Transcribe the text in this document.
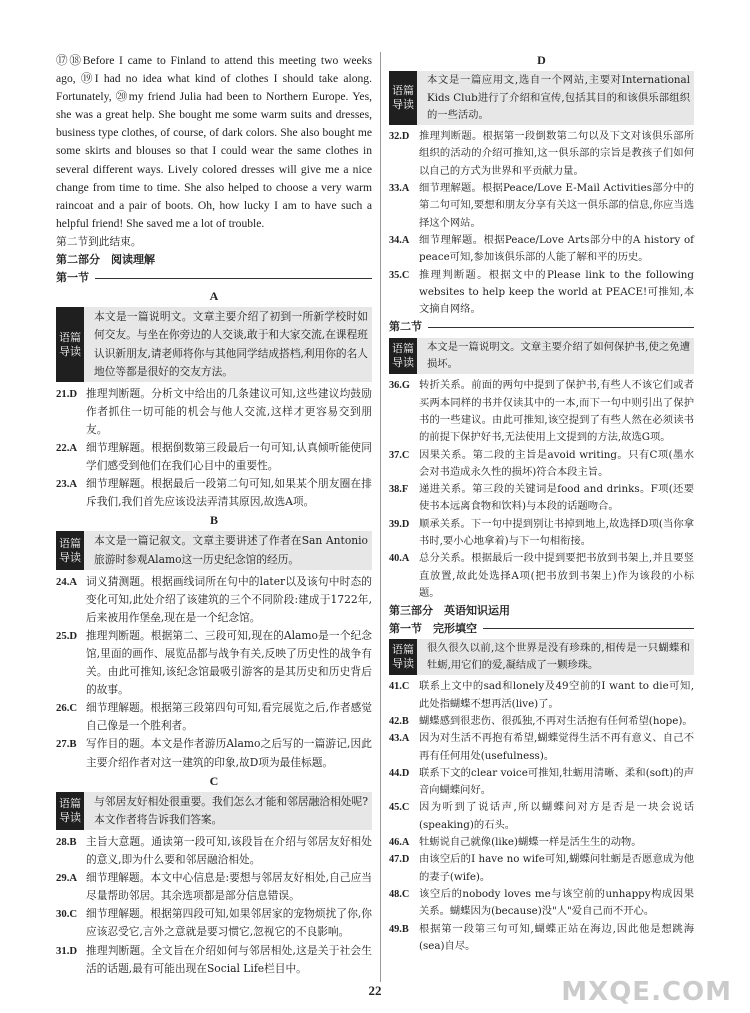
⑰⑱Before I came to Finland to attend this meeting two weeks ago, ⑲I had no idea what kind of clothes I should take along. Fortunately, ⑳my friend Julia had been to Northern Europe. Yes, she was a great help. She bought me some warm suits and dresses, business type clothes, of course, of dark colors. She also bought me some skirts and blouses so that I could wear the same clothes in several different ways. Lively colored dresses will give me a nice change from time to time. She also helped to choose a very warm raincoat and a pair of boots. Oh, how lucky I am to have such a helpful friend! She saved me a lot of trouble.

第二节到此结束。

第二部分　阅读理解

第一节

A

语篇
导读
本文是一篇说明文。文章主要介绍了初到一所新学校时如何交友。与坐在你旁边的人交谈,敢于和大家交流,在课程班认识新朋友,请老师将你与其他同学结成搭档,利用你的名人地位等都是很好的交友方法。
21.D 推理判断题。分析文中给出的几条建议可知,这些建议均鼓励作者抓住一切可能的机会与他人交流,这样才更容易交到朋友。
22.A 细节理解题。根据倒数第三段最后一句可知,认真倾听能使同学们感受到他们在我们心目中的重要性。
23.A 细节理解题。根据最后一段第二句可知,如果某个朋友圈在排斥我们,我们首先应该设法弄清其原因,故选A项。

B

语篇
导读
本文是一篇记叙文。文章主要讲述了作者在San Antonio旅游时参观Alamo这一历史纪念馆的经历。
24.A 词义猜测题。根据画线词所在句中的later以及该句中时态的变化可知,此处介绍了该建筑的三个不同阶段:建成于1722年,后来被用作堡垒,现在是一个纪念馆。
25.D 推理判断题。根据第二、三段可知,现在的Alamo是一个纪念馆,里面的画作、展览品都与战争有关,反映了历史性的战争有关。由此可推知,该纪念馆最吸引游客的是其历史和历史背后的故事。
26.C 细节理解题。根据第三段第四句可知,看完展览之后,作者感觉自己像是一个胜利者。
27.B 写作目的题。本文是作者游历Alamo之后写的一篇游记,因此主要介绍作者对这一建筑的印象,故D项为最佳标题。

C

语篇
导读
与邻居友好相处很重要。我们怎么才能和邻居融洽相处呢?本文作者将告诉我们答案。
28.B 主旨大意题。通读第一段可知,该段旨在介绍与邻居友好相处的意义,即为什么要和邻居融洽相处。
29.A 细节理解题。本文中心信息是:要想与邻居友好相处,自己应当尽量帮助邻居。其余选项都是部分信息错误。
30.C 细节理解题。根据第四段可知,如果邻居家的宠物烦扰了你,你应该忍受它,言外之意就是要习惯它,忽视它的不良影响。
31.D 推理判断题。全文旨在介绍如何与邻居相处,这是关于社会生活的话题,最有可能出现在Social Life栏目中。

D

语篇
导读
本文是一篇应用文,选自一个网站,主要对International Kids Club进行了介绍和宣传,包括其目的和该俱乐部组织的一些活动。
32.D 推理判断题。根据第一段倒数第二句以及下文对该俱乐部所组织的活动的介绍可推知,这一俱乐部的宗旨是教孩子们如何以自己的方式为世界和平贡献力量。
33.A 细节理解题。根据Peace/Love E-Mail Activities部分中的第二句可知,要想和朋友分享有关这一俱乐部的信息,你应当选择这个网站。
34.A 细节理解题。根据Peace/Love Arts部分中的A history of peace可知,参加该俱乐部的人能了解和平的历史。
35.C 推理判断题。根据文中的Please link to the following websites to help keep the world at PEACE!可推知,本文摘自网络。

第二节

语篇
导读
本文是一篇说明文。文章主要介绍了如何保护书,使之免遭损坏。
36.G 转折关系。前面的两句中提到了保护书,有些人不该它们或者买两本同样的书并仅读其中的一本,而下一句中则引出了保护书的一些建议。由此可推知,该空提到了有些人然在必须读书的前提下保护好书,无法使用上文提到的方法,故选G项。
37.C 因果关系。第二段的主旨是avoid writing。只有C项(墨水会对书造成永久性的损坏)符合本段主旨。
38.F	递进关系。第三段的关键词是food and drinks。F项(还要使书本远离食物和饮料)与本段的话题吻合。
39.D 顺承关系。下一句中提到别让书掉到地上,故选择D项(当你拿书时,要小心地拿着)与下一句相衔接。
40.A 总分关系。根据最后一段中提到要把书放到书架上,并且要竖直放置,故此处选择A项(把书放到书架上)作为该段的小标题。

第三部分　英语知识运用

第一节　完形填空

语篇
导读
很久很久以前,这个世界是没有珍珠的,相传是一只蝴蝶和牡蛎,用它们的爱,凝结成了一颗珍珠。
41.C 联系上文中的sad和lonely及49空前的I want to die可知,此处指蝴蝶不想再活(live)了。
42.B 蝴蝶感到很悲伤、很孤独,不再对生活抱有任何希望(hope)。
43.A 因为对生活不再抱有希望,蝴蝶觉得生活不再有意义、自己不再有任何用处(usefulness)。
44.D 联系下文的clear voice可推知,牡蛎用清晰、柔和(soft)的声音向蝴蝶问好。
45.C 因为听到了说话声,所以蝴蝶问对方是否是一块会说话(speaking)的石头。
46.A 牡蛎说自己就像(like)蝴蝶一样是活生生的动物。
47.D 由该空后的I have no wife可知,蝴蝶问牡蛎是否愿意成为他的妻子(wife)。
48.C 该空后的nobody loves me与该空前的unhappy构成因果关系。蝴蝶因为(because)没"人"爱自己而不开心。
49.B 根据第一段第三句可知,蝴蝶正站在海边,因此他是想跳海(sea)自尽。
22	MXQE.COM
